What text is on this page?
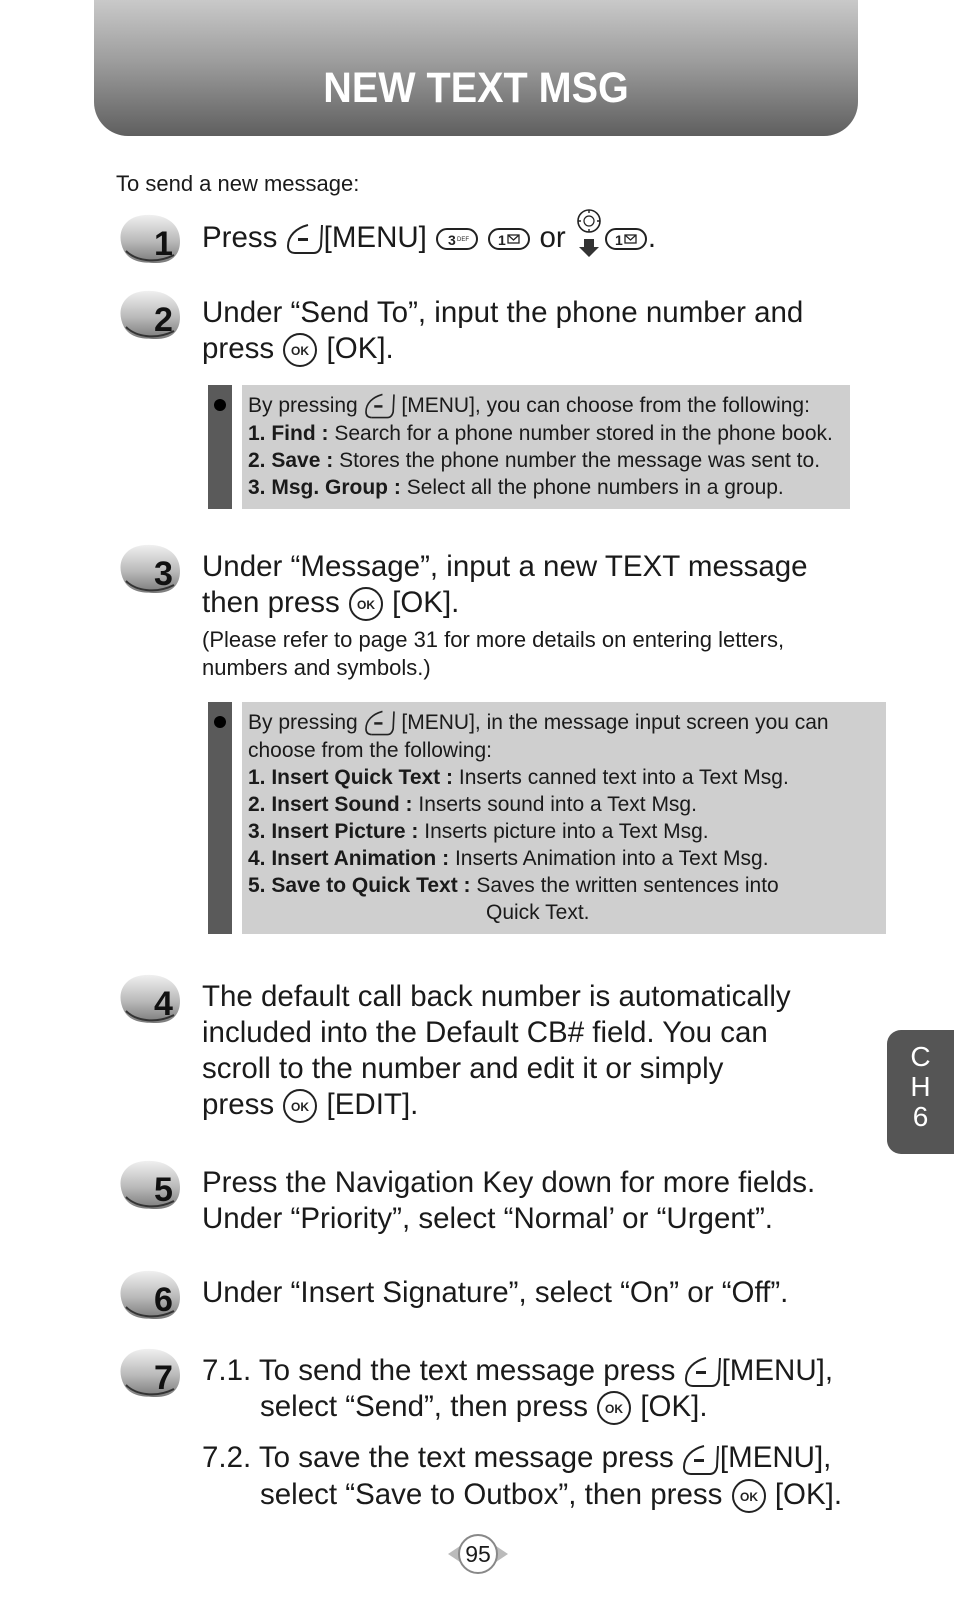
NEW TEXT MSG
To send a new message:
1 Press [MENU]	or	.
2 Under “Send To”, input the phone number and
press [OK].
By pressing [MENU], you can choose from the following:
1. Find : Search for a phone number stored in the phone book.
2. Save : Stores the phone number the message was sent to.
3. Msg. Group : Select all the phone numbers in a group.
3 Under “Message”, input a new TEXT message
then press [OK].
(Please refer to page 31 for more details on entering letters,
numbers and symbols.)
By pressing [MENU], in the message input screen you can
choose from the following:
1. Insert Quick Text : Inserts canned text into a Text Msg.
2. Insert Sound : Inserts sound into a Text Msg.
3. Insert Picture : Inserts picture into a Text Msg.
4. Insert Animation : Inserts Animation into a Text Msg.
5. Save to Quick Text : Saves the written sentences into
Quick Text.
4 The default call back number is automatically
included into the Default CB# field. You can
scroll to the number and edit it or simply
press [EDIT].
5 Press the Navigation Key down for more fields.
Under “Priority”, select “Normal’ or “Urgent”.
6 Under “Insert Signature”, select “On” or “Off”.
7 7.1. To send the text message press [MENU],
select “Send”, then press [OK].
7.2. To save the text message press [MENU],
select “Save to Outbox”, then press [OK].
C
H
6
95
